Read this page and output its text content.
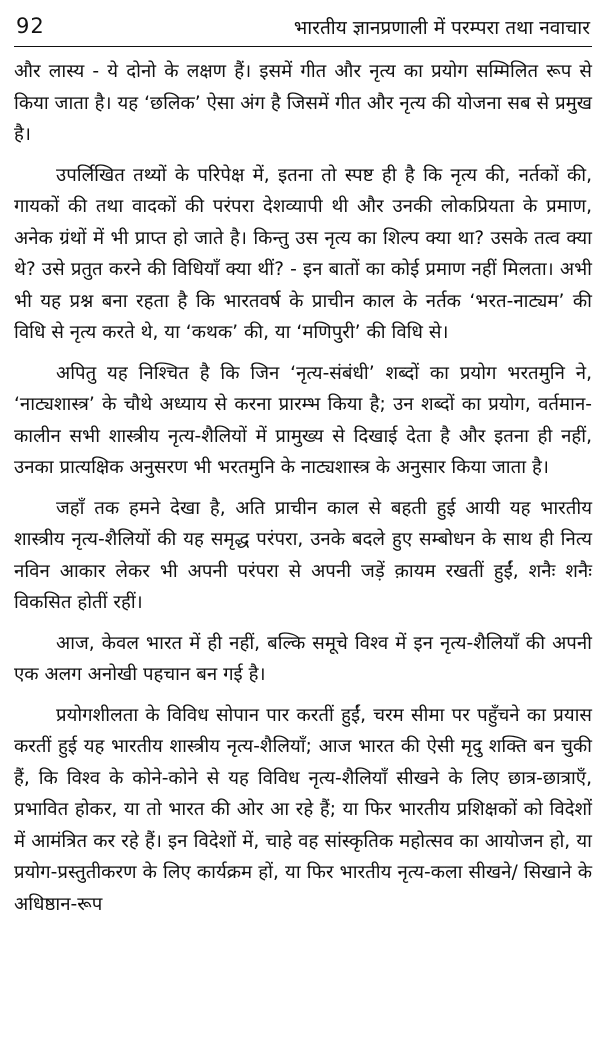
92	भारतीय ज्ञानप्रणाली में परम्परा तथा नवाचार

और लास्य - ये दोनो के लक्षण हैं। इसमें गीत और नृत्य का प्रयोग सम्मिलित रूप से किया जाता है। यह ‘छलिक’ ऐसा अंग है जिसमें गीत और नृत्य की योजना सब से प्रमुख है।

उपर्लिखित तथ्यों के परिपेक्ष में, इतना तो स्पष्ट ही है कि नृत्य की, नर्तकों की, गायकों की तथा वादकों की परंपरा देशव्यापी थी और उनकी लोकप्रियता के प्रमाण, अनेक ग्रंथों में भी प्राप्त हो जाते है। किन्तु उस नृत्य का शिल्प क्या था? उसके तत्व क्या थे? उसे प्रतुत करने की विधियाँ क्या थीं? - इन बातों का कोई प्रमाण नहीं मिलता। अभी भी यह प्रश्न बना रहता है कि भारतवर्ष के प्राचीन काल के नर्तक ‘भरत-नाट्यम’ की विधि से नृत्य करते थे, या ‘कथक’ की, या ‘मणिपुरी’ की विधि से।

अपितु यह निश्चित है कि जिन ‘नृत्य-संबंधी’ शब्दों का प्रयोग भरतमुनि ने, ‘नाट्यशास्त्र’ के चौथे अध्याय से करना प्रारम्भ किया है; उन शब्दों का प्रयोग, वर्तमान-कालीन सभी शास्त्रीय नृत्य-शैलियों में प्रामुख्य से दिखाई देता है और इतना ही नहीं, उनका प्रात्यक्षिक अनुसरण भी भरतमुनि के नाट्यशास्त्र के अनुसार किया जाता है।

जहाँ तक हमने देखा है, अति प्राचीन काल से बहती हुई आयी यह भारतीय शास्त्रीय नृत्य-शैलियों की यह समृद्ध परंपरा, उनके बदले हुए सम्बोधन के साथ ही नित्य नविन आकार लेकर भी अपनी परंपरा से अपनी जड़ें क़ायम रखतीं हुईं, शनैः शनैः विकसित होतीं रहीं।

आज, केवल भारत में ही नहीं, बल्कि समूचे विश्व में इन नृत्य-शैलियाँ की अपनी एक अलग अनोखी पहचान बन गई है।

प्रयोगशीलता के विविध सोपान पार करतीं हुईं, चरम सीमा पर पहुँचने का प्रयास करतीं हुई यह भारतीय शास्त्रीय नृत्य-शैलियाँ; आज भारत की ऐसी मृदु शक्ति बन चुकी हैं, कि विश्व के कोने-कोने से यह विविध नृत्य-शैलियाँ सीखने के लिए छात्र-छात्राएँ, प्रभावित होकर, या तो भारत की ओर आ रहे हैं; या फिर भारतीय प्रशिक्षकों को विदेशों में आमंत्रित कर रहे हैं। इन विदेशों में, चाहे वह सांस्कृतिक महोत्सव का आयोजन हो, या प्रयोग-प्रस्तुतीकरण के लिए कार्यक्रम हों, या फिर भारतीय नृत्य-कला सीखने/ सिखाने के अधिष्ठान-रूप
